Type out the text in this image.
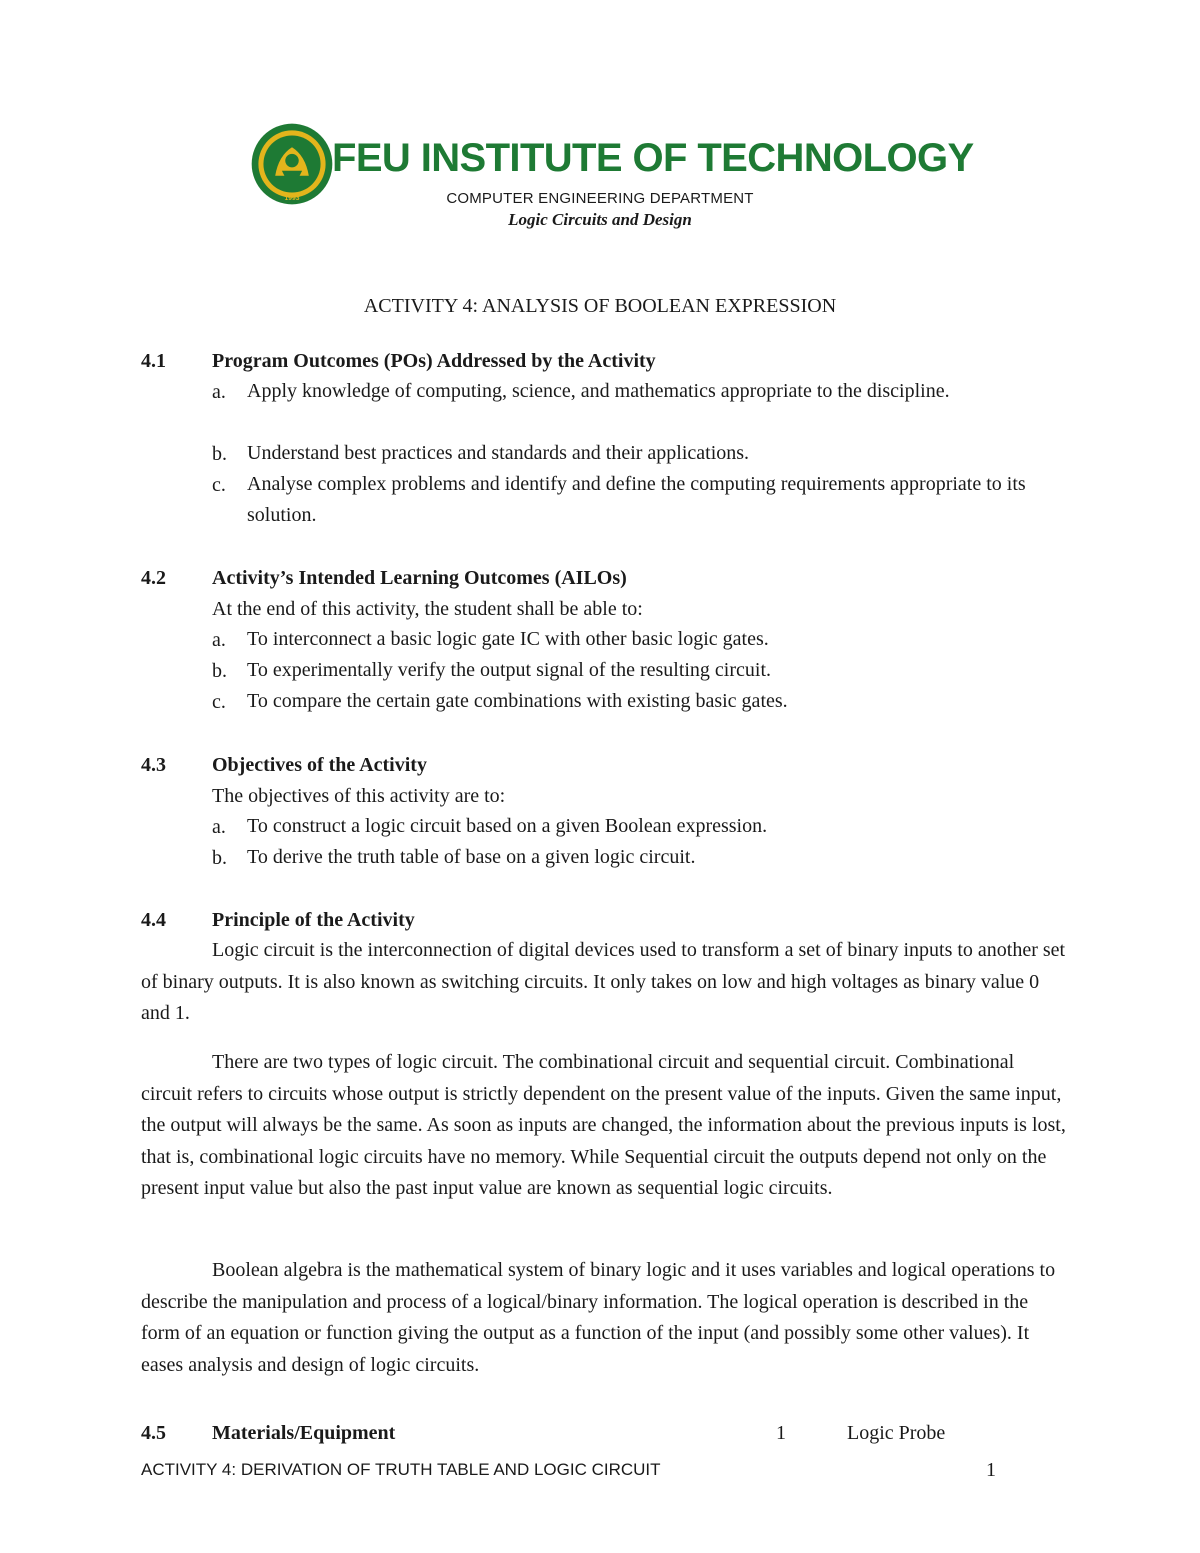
1993
FEU INSTITUTE OF TECHNOLOGY
COMPUTER ENGINEERING DEPARTMENT
Logic Circuits and Design
ACTIVITY 4: ANALYSIS OF BOOLEAN EXPRESSION
4.1 Program Outcomes (POs) Addressed by the Activity
a. Apply knowledge of computing, science, and mathematics appropriate to the discipline.
b. Understand best practices and standards and their applications.
c. Analyse complex problems and identify and define the computing requirements appropriate to its solution.
4.2 Activity’s Intended Learning Outcomes (AILOs)
At the end of this activity, the student shall be able to:
a. To interconnect a basic logic gate IC with other basic logic gates.
b. To experimentally verify the output signal of the resulting circuit.
c. To compare the certain gate combinations with existing basic gates.
4.3 Objectives of the Activity
The objectives of this activity are to:
a. To construct a logic circuit based on a given Boolean expression.
b. To derive the truth table of base on a given logic circuit.
4.4 Principle of the Activity
Logic circuit is the interconnection of digital devices used to transform a set of binary inputs to another set of binary outputs. It is also known as switching circuits. It only takes on low and high voltages as binary value 0 and 1.
There are two types of logic circuit. The combinational circuit and sequential circuit. Combinational circuit refers to circuits whose output is strictly dependent on the present value of the inputs. Given the same input, the output will always be the same. As soon as inputs are changed, the information about the previous inputs is lost, that is, combinational logic circuits have no memory. While Sequential circuit the outputs depend not only on the present input value but also the past input value are known as sequential logic circuits.
Boolean algebra is the mathematical system of binary logic and it uses variables and logical operations to describe the manipulation and process of a logical/binary information. The logical operation is described in the form of an equation or function giving the output as a function of the input (and possibly some other values). It eases analysis and design of logic circuits.
4.5 Materials/Equipment	1	Logic Probe
ACTIVITY 4: DERIVATION OF TRUTH TABLE AND LOGIC CIRCUIT	1
